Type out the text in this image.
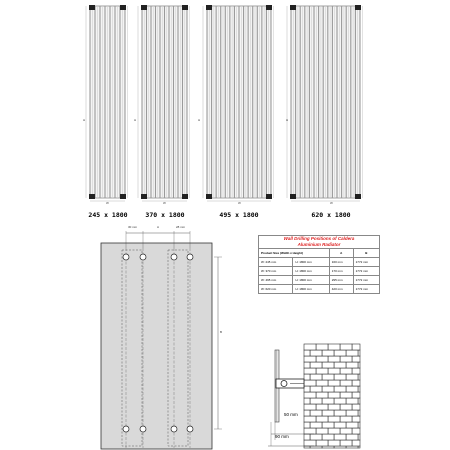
245 x 1800	370 x 1800	495 x 1800	620 x 1800
W	W	W	W
H	H	H	H
30 mm	A	28 mm
B
Wall Drilling Positions of Caldera
Aluminium Radiator			
Product Size (Width x Height)		A	B
W: 245 mm	H: 1800 mm	160 mm	1772 mm
W: 370 mm	H: 1800 mm	170 mm	1772 mm
W: 495 mm	H: 1800 mm	295 mm	1772 mm
W: 620 mm	H: 1800 mm	420 mm	1772 mm
50 mm
90 mm
